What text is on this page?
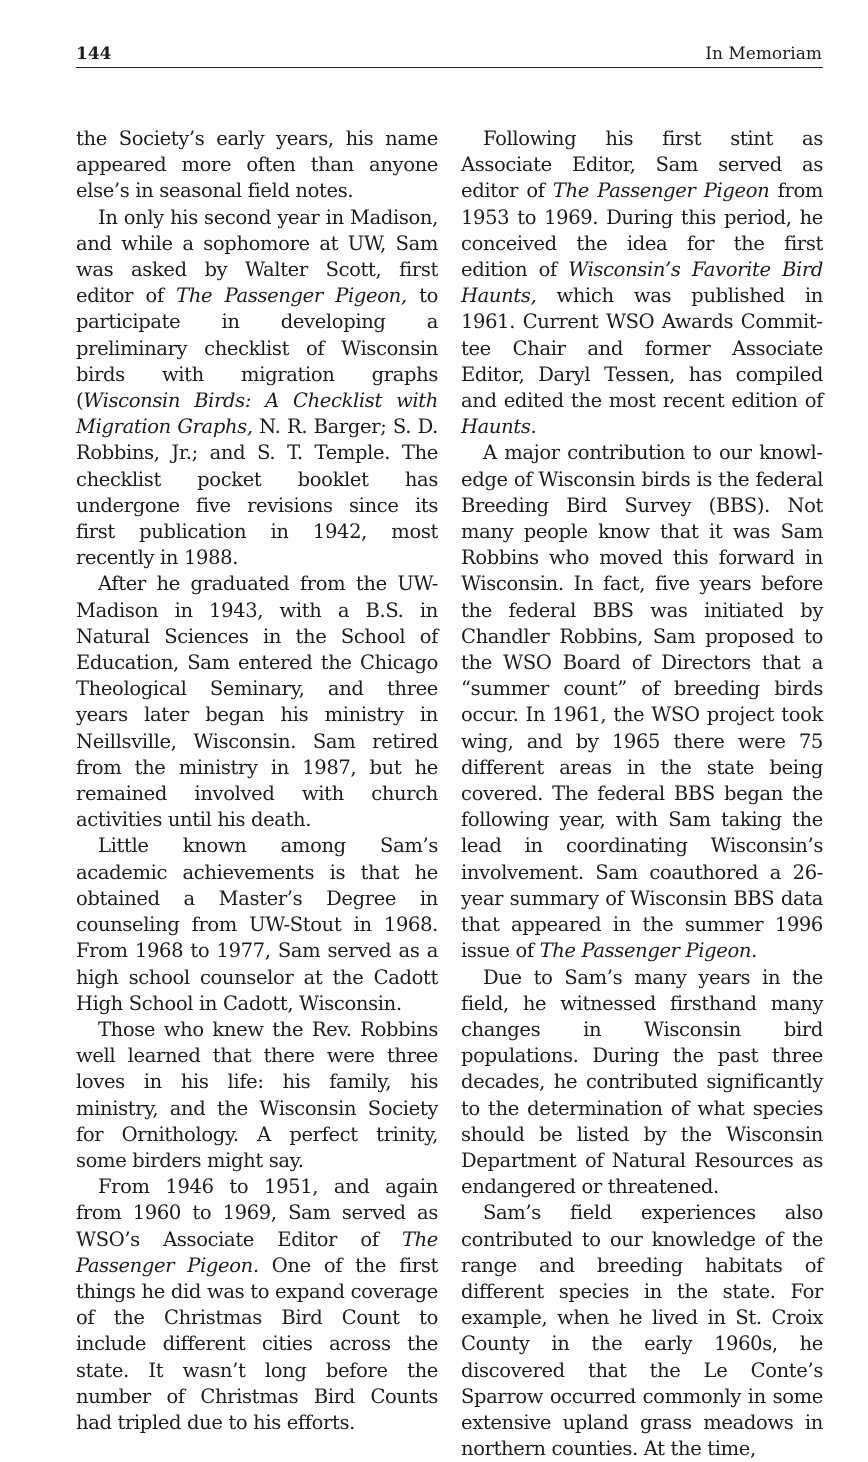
144	In Memoriam

the Society’s early years, his name appeared more often than anyone else’s in seasonal field notes.

In only his second year in Madison, and while a sophomore at UW, Sam was asked by Walter Scott, first editor of The Passenger Pigeon, to participate in developing a preliminary checklist of Wisconsin birds with migration graphs (Wisconsin Birds: A Checklist with Migration Graphs, N. R. Barger; S. D. Robbins, Jr.; and S. T. Temple. The checklist pocket booklet has undergone five revisions since its first publication in 1942, most recently in 1988.

After he graduated from the UW-Madison in 1943, with a B.S. in Natural Sciences in the School of Education, Sam entered the Chicago Theological Seminary, and three years later began his ministry in Neillsville, Wisconsin. Sam retired from the ministry in 1987, but he remained involved with church activities until his death.

Little known among Sam’s academic achievements is that he obtained a Master’s Degree in counseling from UW-Stout in 1968. From 1968 to 1977, Sam served as a high school counselor at the Cadott High School in Cadott, Wisconsin.

Those who knew the Rev. Robbins well learned that there were three loves in his life: his family, his ministry, and the Wisconsin Society for Ornithology. A perfect trinity, some birders might say.

From 1946 to 1951, and again from 1960 to 1969, Sam served as WSO’s Associate Editor of The Passenger Pigeon. One of the first things he did was to expand coverage of the Christmas Bird Count to include different cities across the state. It wasn’t long before the number of Christmas Bird Counts had tripled due to his efforts.

Following his first stint as Associate Editor, Sam served as editor of The Passenger Pigeon from 1953 to 1969. During this period, he conceived the idea for the first edition of Wisconsin’s Favorite Bird Haunts, which was published in 1961. Current WSO Awards Committee Chair and former Associate Editor, Daryl Tessen, has compiled and edited the most recent edition of Haunts.

A major contribution to our knowledge of Wisconsin birds is the federal Breeding Bird Survey (BBS). Not many people know that it was Sam Robbins who moved this forward in Wisconsin. In fact, five years before the federal BBS was initiated by Chandler Robbins, Sam proposed to the WSO Board of Directors that a “summer count” of breeding birds occur. In 1961, the WSO project took wing, and by 1965 there were 75 different areas in the state being covered. The federal BBS began the following year, with Sam taking the lead in coordinating Wisconsin’s involvement. Sam coauthored a 26-year summary of Wisconsin BBS data that appeared in the summer 1996 issue of The Passenger Pigeon.

Due to Sam’s many years in the field, he witnessed firsthand many changes in Wisconsin bird populations. During the past three decades, he contributed significantly to the determination of what species should be listed by the Wisconsin Department of Natural Resources as endangered or threatened.

Sam’s field experiences also contributed to our knowledge of the range and breeding habitats of different species in the state. For example, when he lived in St. Croix County in the early 1960s, he discovered that the Le Conte’s Sparrow occurred commonly in some extensive upland grass meadows in northern counties. At the time,
